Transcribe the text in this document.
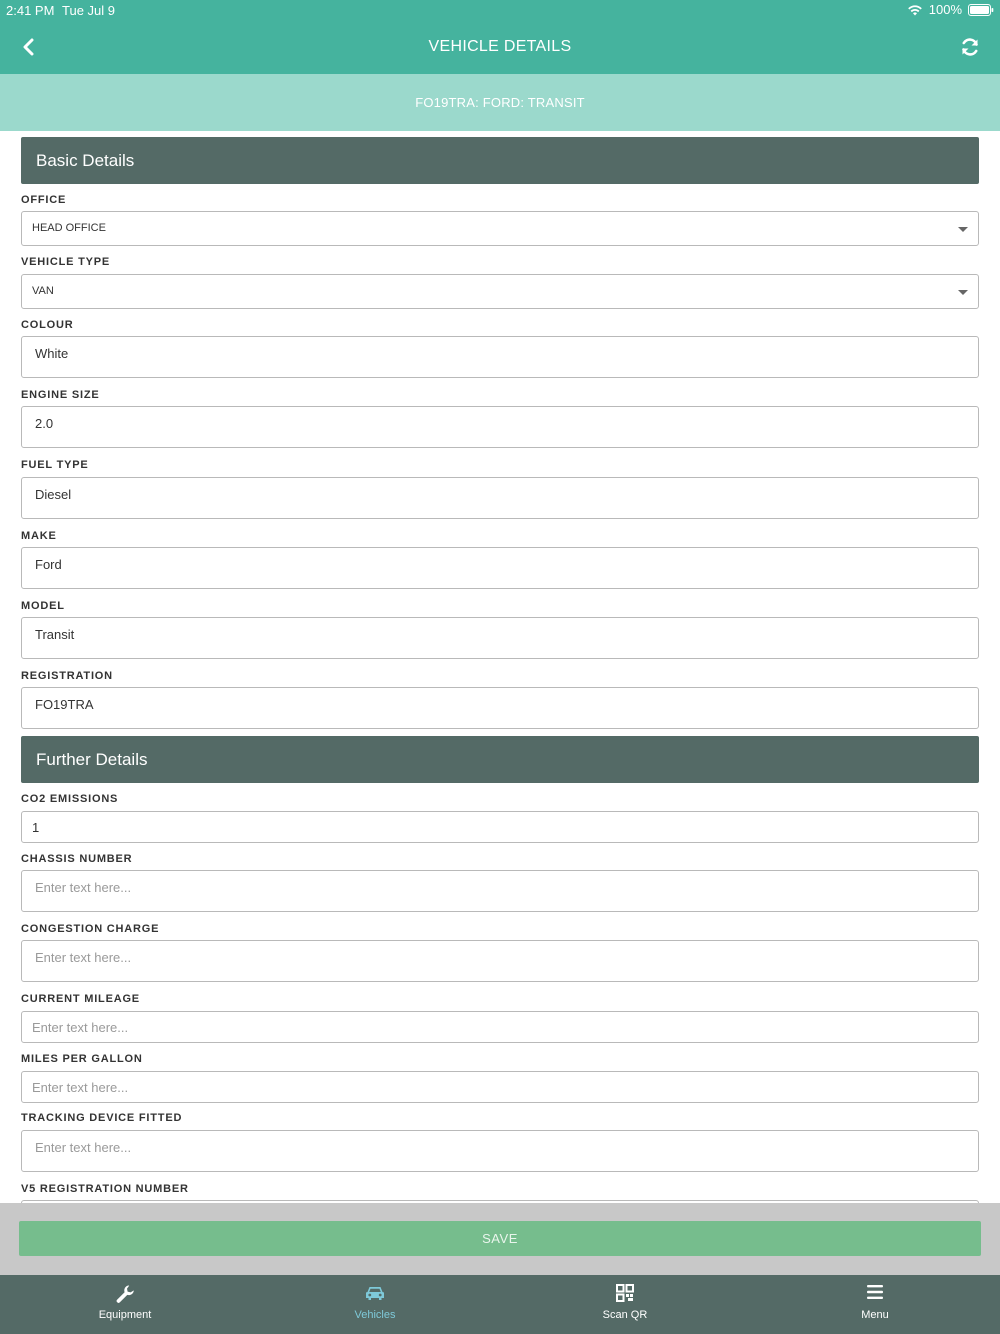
2:41 PM Tue Jul 9	100%
VEHICLE DETAILS
FO19TRA: FORD: TRANSIT
Basic Details
OFFICE
HEAD OFFICE
VEHICLE TYPE
VAN
COLOUR
White
ENGINE SIZE
2.0
FUEL TYPE
Diesel
MAKE
Ford
MODEL
Transit
REGISTRATION
FO19TRA
Further Details
CO2 EMISSIONS
1
CHASSIS NUMBER
Enter text here...
CONGESTION CHARGE
Enter text here...
CURRENT MILEAGE
Enter text here...
MILES PER GALLON
Enter text here...
TRACKING DEVICE FITTED
Enter text here...
V5 REGISTRATION NUMBER
SAVE
Equipment	Vehicles	Scan QR	Menu
